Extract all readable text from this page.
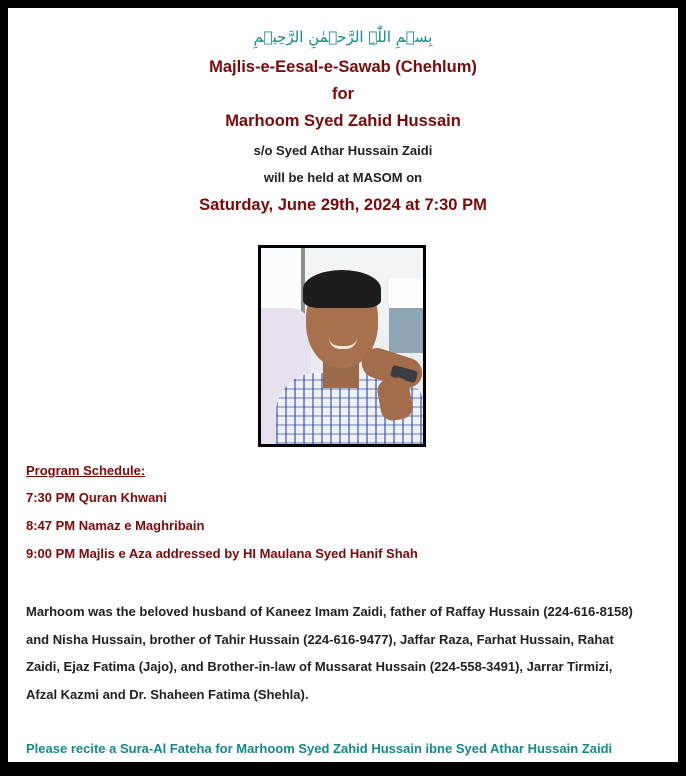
بِسۡمِ اللّٰہِ الرَّحۡمٰنِ الرَّحِیۡمِ
Majlis-e-Eesal-e-Sawab (Chehlum)
for
Marhoom Syed Zahid Hussain
s/o Syed Athar Hussain Zaidi
will be held at MASOM on
Saturday, June 29th, 2024 at 7:30 PM
Program Schedule:
7:30 PM Quran Khwani
8:47 PM Namaz e Maghribain
9:00 PM Majlis e Aza addressed by HI Maulana Syed Hanif Shah
Marhoom was the beloved husband of Kaneez Imam Zaidi, father of Raffay Hussain (224-616-8158)
and Nisha Hussain, brother of Tahir Hussain (224-616-9477), Jaffar Raza, Farhat Hussain, Rahat
Zaidi, Ejaz Fatima (Jajo), and Brother-in-law of Mussarat Hussain (224-558-3491), Jarrar Tirmizi,
Afzal Kazmi and Dr. Shaheen Fatima (Shehla).
Please recite a Sura-Al Fateha for Marhoom Syed Zahid Hussain ibne Syed Athar Hussain Zaidi
